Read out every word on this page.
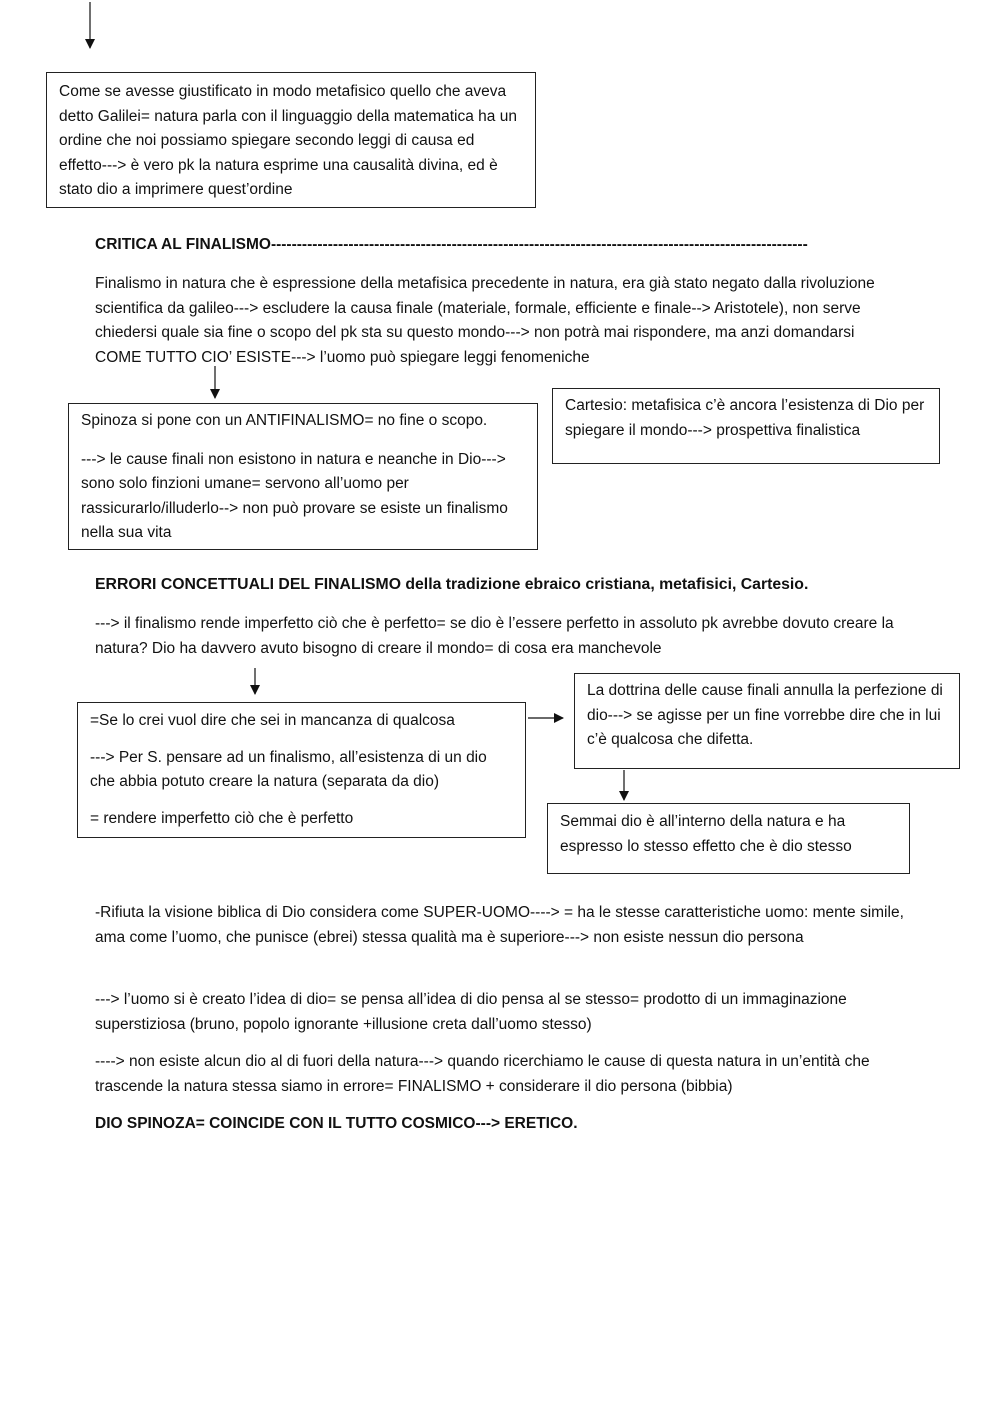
Come se avesse giustificato in modo metafisico quello che aveva detto Galilei= natura parla con il linguaggio della matematica ha un ordine che noi possiamo spiegare secondo leggi di causa ed effetto---> è vero pk la natura esprime una causalità divina, ed è stato dio a imprimere quest’ordine

CRITICA AL FINALISMO--------------------------------------------------------------------------------------------------------

Finalismo in natura che è espressione della metafisica precedente in natura, era già stato negato dalla rivoluzione scientifica da galileo---> escludere la causa finale (materiale, formale, efficiente e finale--> Aristotele), non serve chiedersi quale sia fine o scopo del pk sta su questo mondo---> non potrà mai rispondere, ma anzi domandarsi COME TUTTO CIO’ ESISTE---> l’uomo può spiegare leggi fenomeniche

Spinoza si pone con un ANTIFINALISMO= no fine o scopo.

---> le cause finali non esistono in natura e neanche in Dio---> sono solo finzioni umane= servono all’uomo per rassicurarlo/illuderlo--> non può provare se esiste un finalismo nella sua vita

Cartesio: metafisica c’è ancora l’esistenza di Dio per spiegare il mondo---> prospettiva finalistica

ERRORI CONCETTUALI DEL FINALISMO della tradizione ebraico cristiana, metafisici, Cartesio.

---> il finalismo rende imperfetto ciò che è perfetto= se dio è l’essere perfetto in assoluto pk avrebbe dovuto creare la natura? Dio ha davvero avuto bisogno di creare il mondo= di cosa era manchevole

=Se lo crei vuol dire che sei in mancanza di qualcosa

---> Per S. pensare ad un finalismo, all’esistenza di un dio che abbia potuto creare la natura (separata da dio)

= rendere imperfetto ciò che è perfetto

La dottrina delle cause finali annulla la perfezione di dio---> se agisse per un fine vorrebbe dire che in lui c’è qualcosa che difetta.

Semmai dio è all’interno della natura e ha espresso lo stesso effetto che è dio stesso

-Rifiuta la visione biblica di Dio considera come SUPER-UOMO----> = ha le stesse caratteristiche uomo: mente simile, ama come l’uomo, che punisce (ebrei) stessa qualità ma è superiore---> non esiste nessun dio persona

---> l’uomo si è creato l’idea di dio= se pensa all’idea di dio pensa al se stesso= prodotto di un immaginazione superstiziosa (bruno, popolo ignorante +illusione creta dall’uomo stesso)

----> non esiste alcun dio al di fuori della natura---> quando ricerchiamo le cause di questa natura in un’entità che trascende la natura stessa siamo in errore= FINALISMO + considerare il dio persona (bibbia)

DIO SPINOZA= COINCIDE CON IL TUTTO COSMICO---> ERETICO.
